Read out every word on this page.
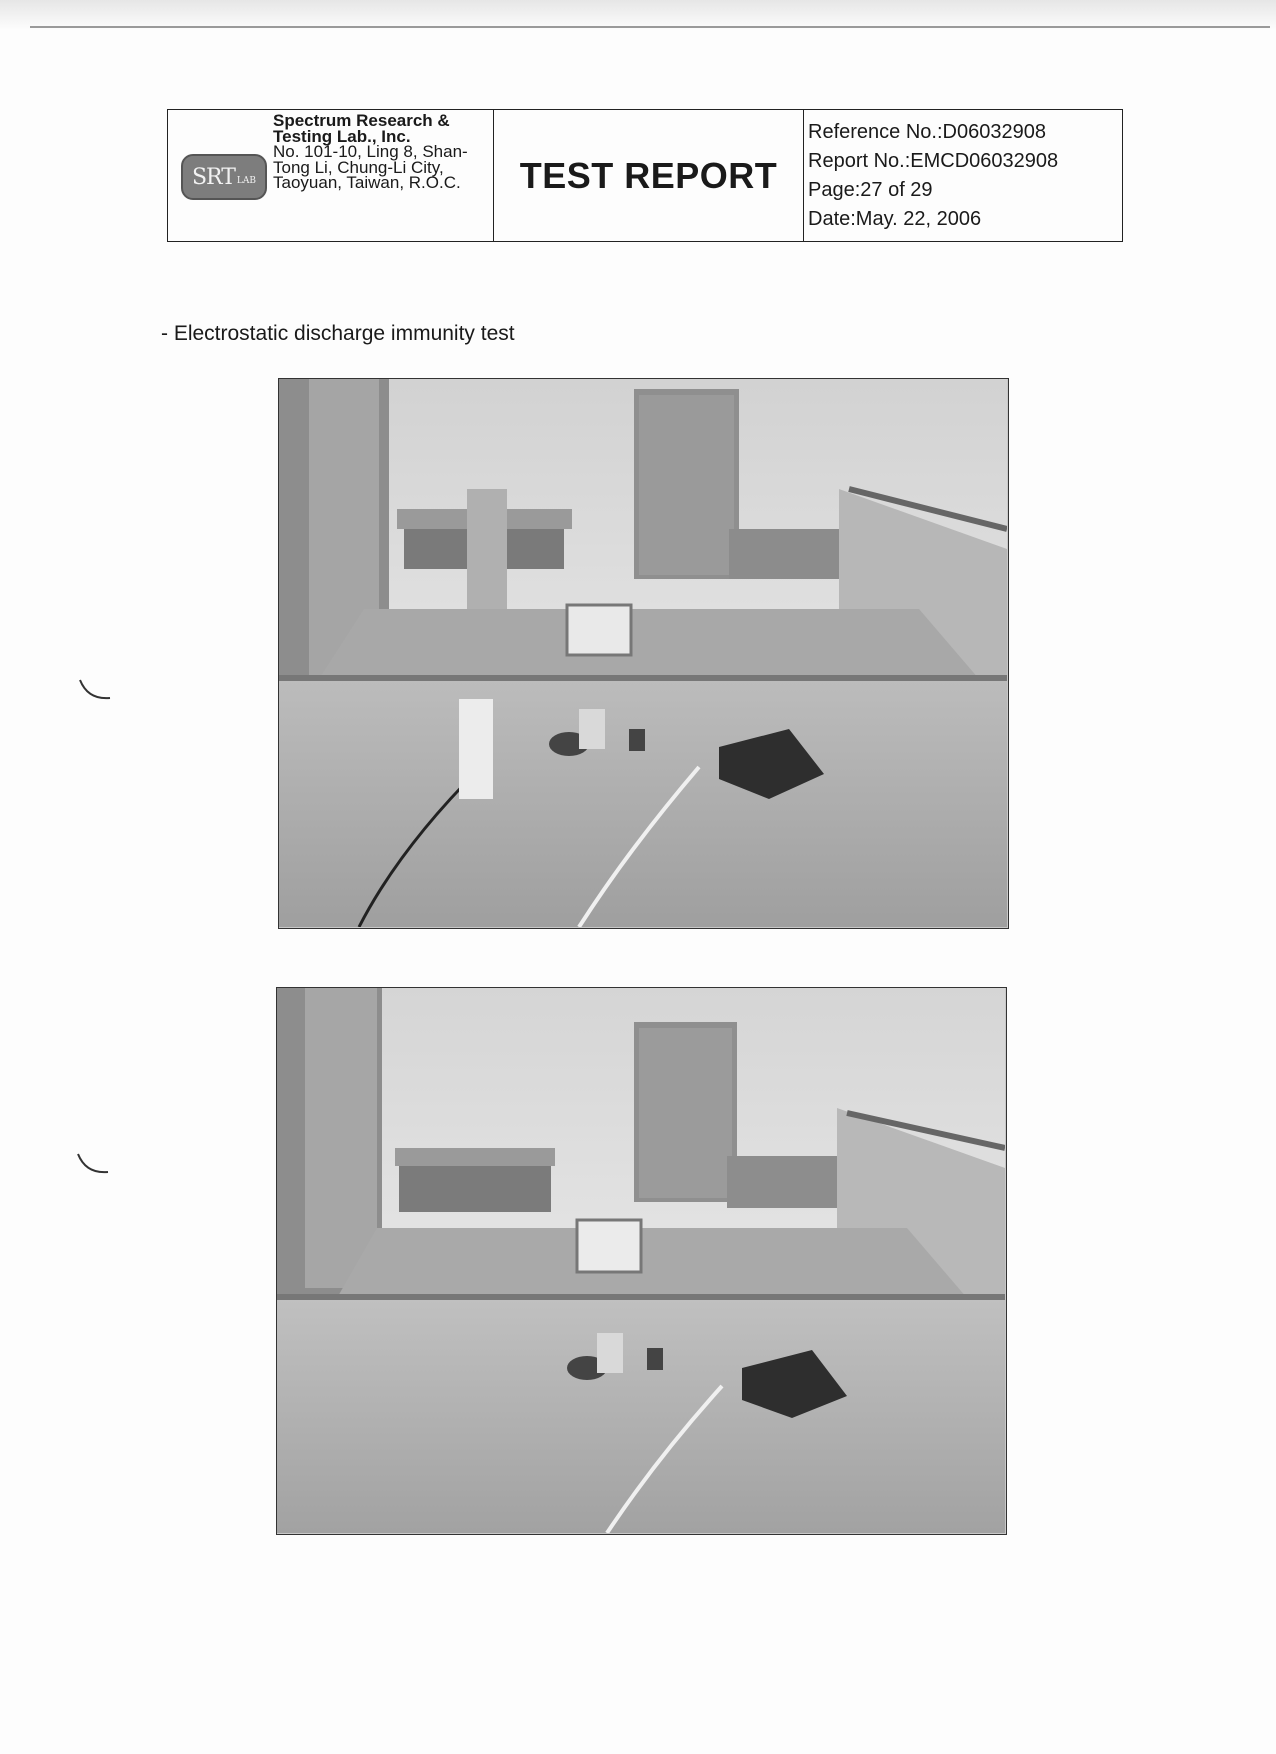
SRT LAB
Spectrum Research & Testing Lab., Inc.
No. 101-10, Ling 8, Shan-Tong Li, Chung-Li City, Taoyuan, Taiwan, R.O.C.	TEST REPORT
Reference No.:D06032908
Report No.:EMCD06032908
Page:27 of 29
Date:May. 22, 2006
- Electrostatic discharge immunity test
